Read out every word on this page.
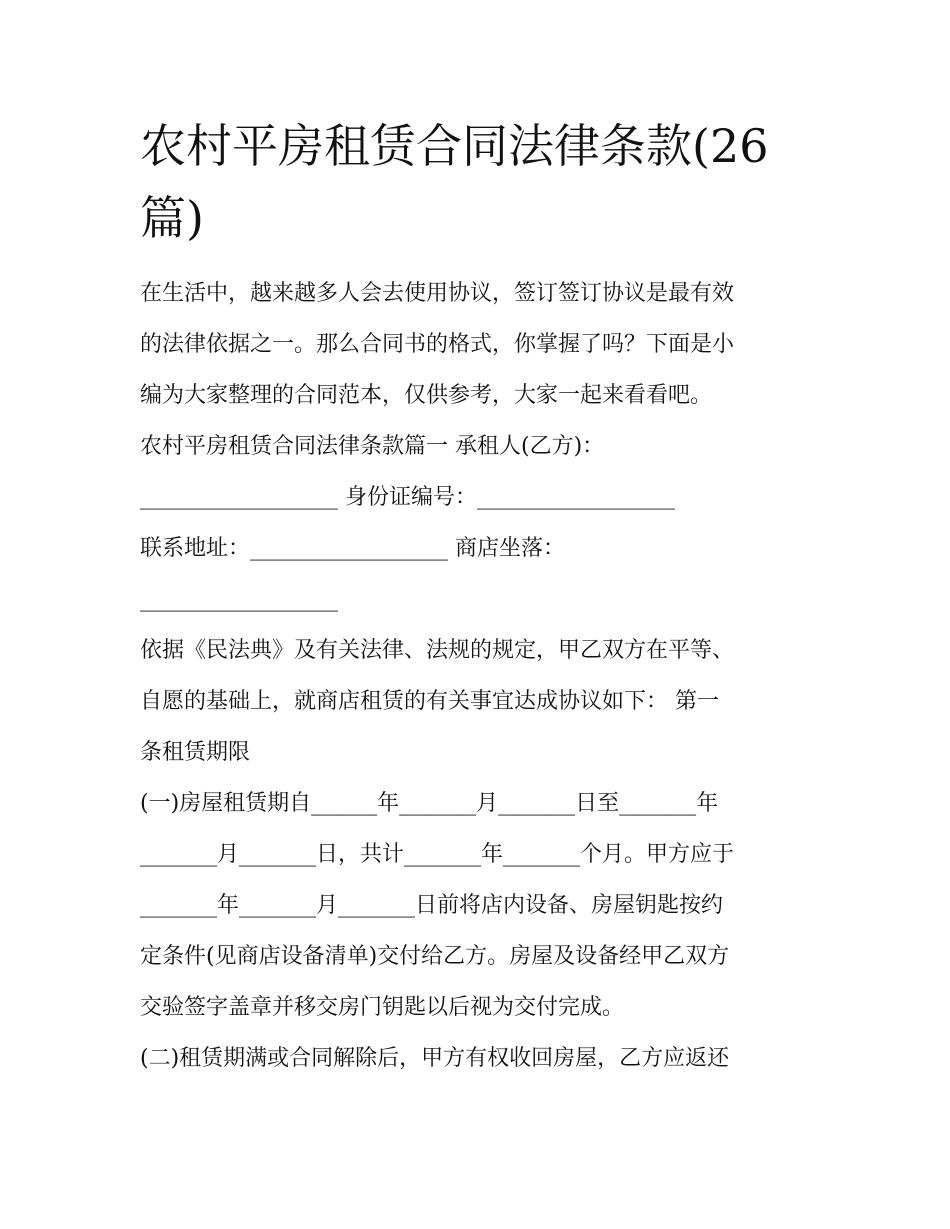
农村平房租赁合同法律条款(26
篇)
在生活中，越来越多人会去使用协议，签订签订协议是最有效
的法律依据之一。那么合同书的格式，你掌握了吗？下面是小
编为大家整理的合同范本，仅供参考，大家一起来看看吧。
农村平房租赁合同法律条款篇一 承租人(乙方)：
__________________ 身份证编号：__________________
联系地址：__________________ 商店坐落：
__________________
依据《民法典》及有关法律、法规的规定，甲乙双方在平等、
自愿的基础上，就商店租赁的有关事宜达成协议如下： 第一
条租赁期限
(一)房屋租赁期自______年_______月_______日至_______年
_______月_______日，共计_______年_______个月。甲方应于
_______年_______月_______日前将店内设备、房屋钥匙按约
定条件(见商店设备清单)交付给乙方。房屋及设备经甲乙双方
交验签字盖章并移交房门钥匙以后视为交付完成。
(二)租赁期满或合同解除后，甲方有权收回房屋，乙方应返还
